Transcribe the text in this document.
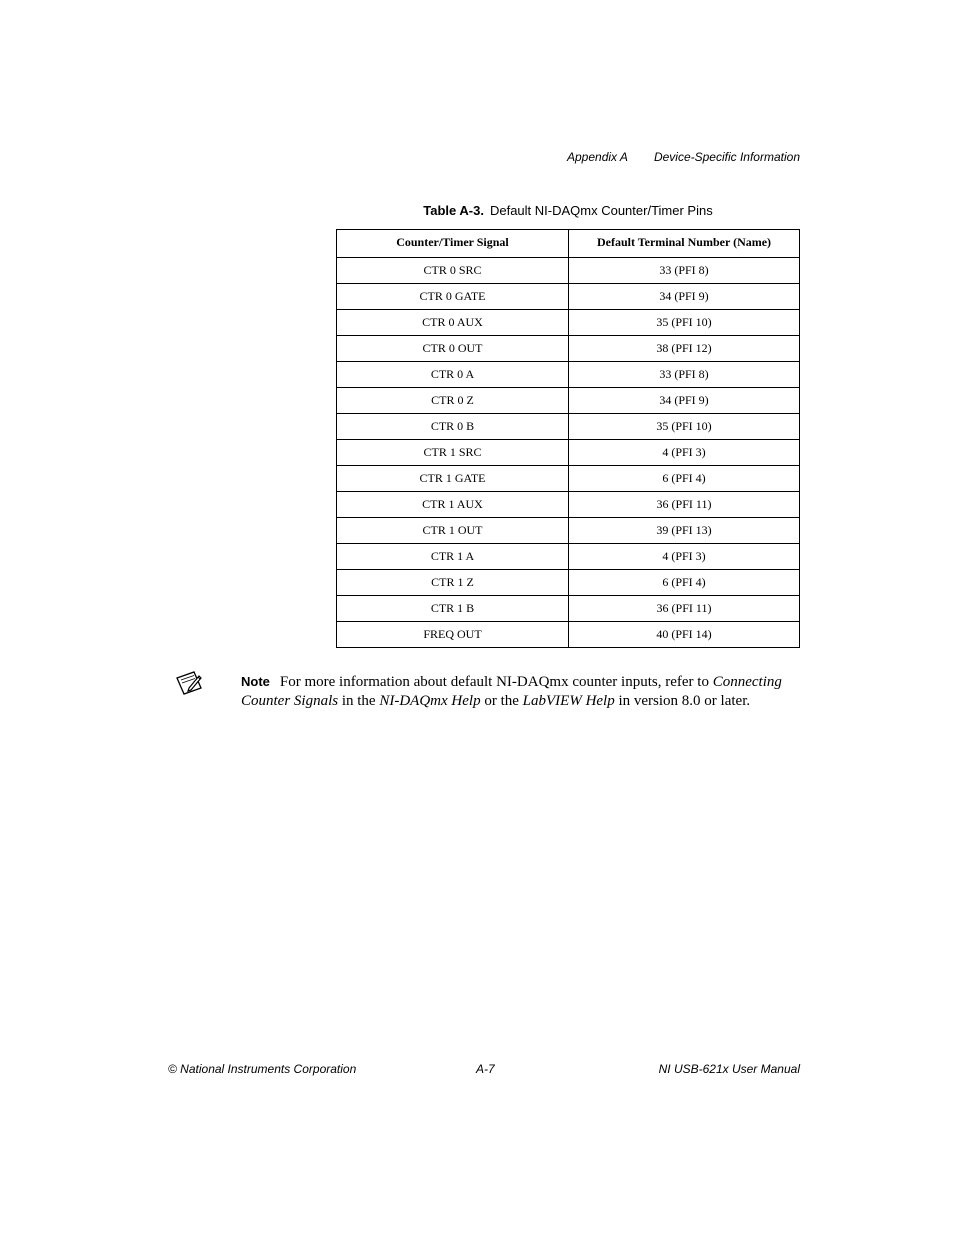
Appendix A Device-Specific Information
Table A-3. Default NI-DAQmx Counter/Timer Pins
Counter/Timer Signal	Default Terminal Number (Name)

CTR 0 SRC	33 (PFI 8)
CTR 0 GATE	34 (PFI 9)
CTR 0 AUX	35 (PFI 10)
CTR 0 OUT	38 (PFI 12)
CTR 0 A	33 (PFI 8)
CTR 0 Z	34 (PFI 9)
CTR 0 B	35 (PFI 10)
CTR 1 SRC	4 (PFI 3)
CTR 1 GATE	6 (PFI 4)
CTR 1 AUX	36 (PFI 11)
CTR 1 OUT	39 (PFI 13)
CTR 1 A	4 (PFI 3)
CTR 1 Z	6 (PFI 4)
CTR 1 B	36 (PFI 11)
FREQ OUT	40 (PFI 14)
Note For more information about default NI-DAQmx counter inputs, refer to Connecting Counter Signals in the NI-DAQmx Help or the LabVIEW Help in version 8.0 or later.
© National Instruments Corporation	A-7	NI USB-621x User Manual
